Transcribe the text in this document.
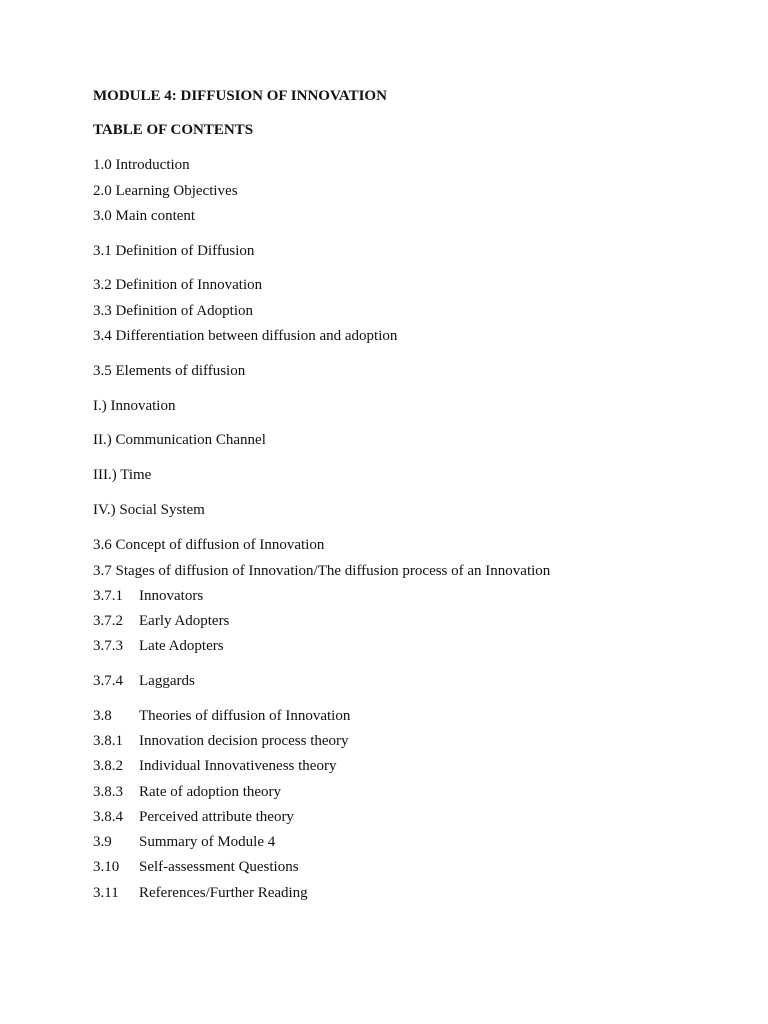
MODULE 4: DIFFUSION OF INNOVATION
TABLE OF CONTENTS
1.0 Introduction
2.0 Learning Objectives
3.0 Main content
3.1 Definition of Diffusion
3.2 Definition of Innovation
3.3 Definition of Adoption
3.4 Differentiation between diffusion and adoption
3.5 Elements of diffusion
I.) Innovation
II.) Communication Channel
III.) Time
IV.) Social System
3.6 Concept of diffusion of Innovation
3.7 Stages of diffusion of Innovation/The diffusion process of an Innovation
3.7.1 Innovators
3.7.2 Early Adopters
3.7.3 Late Adopters
3.7.4 Laggards
3.8 Theories of diffusion of Innovation
3.8.1 Innovation decision process theory
3.8.2 Individual Innovativeness theory
3.8.3 Rate of adoption theory
3.8.4 Perceived attribute theory
3.9 Summary of Module 4
3.10 Self-assessment Questions
3.11 References/Further Reading
